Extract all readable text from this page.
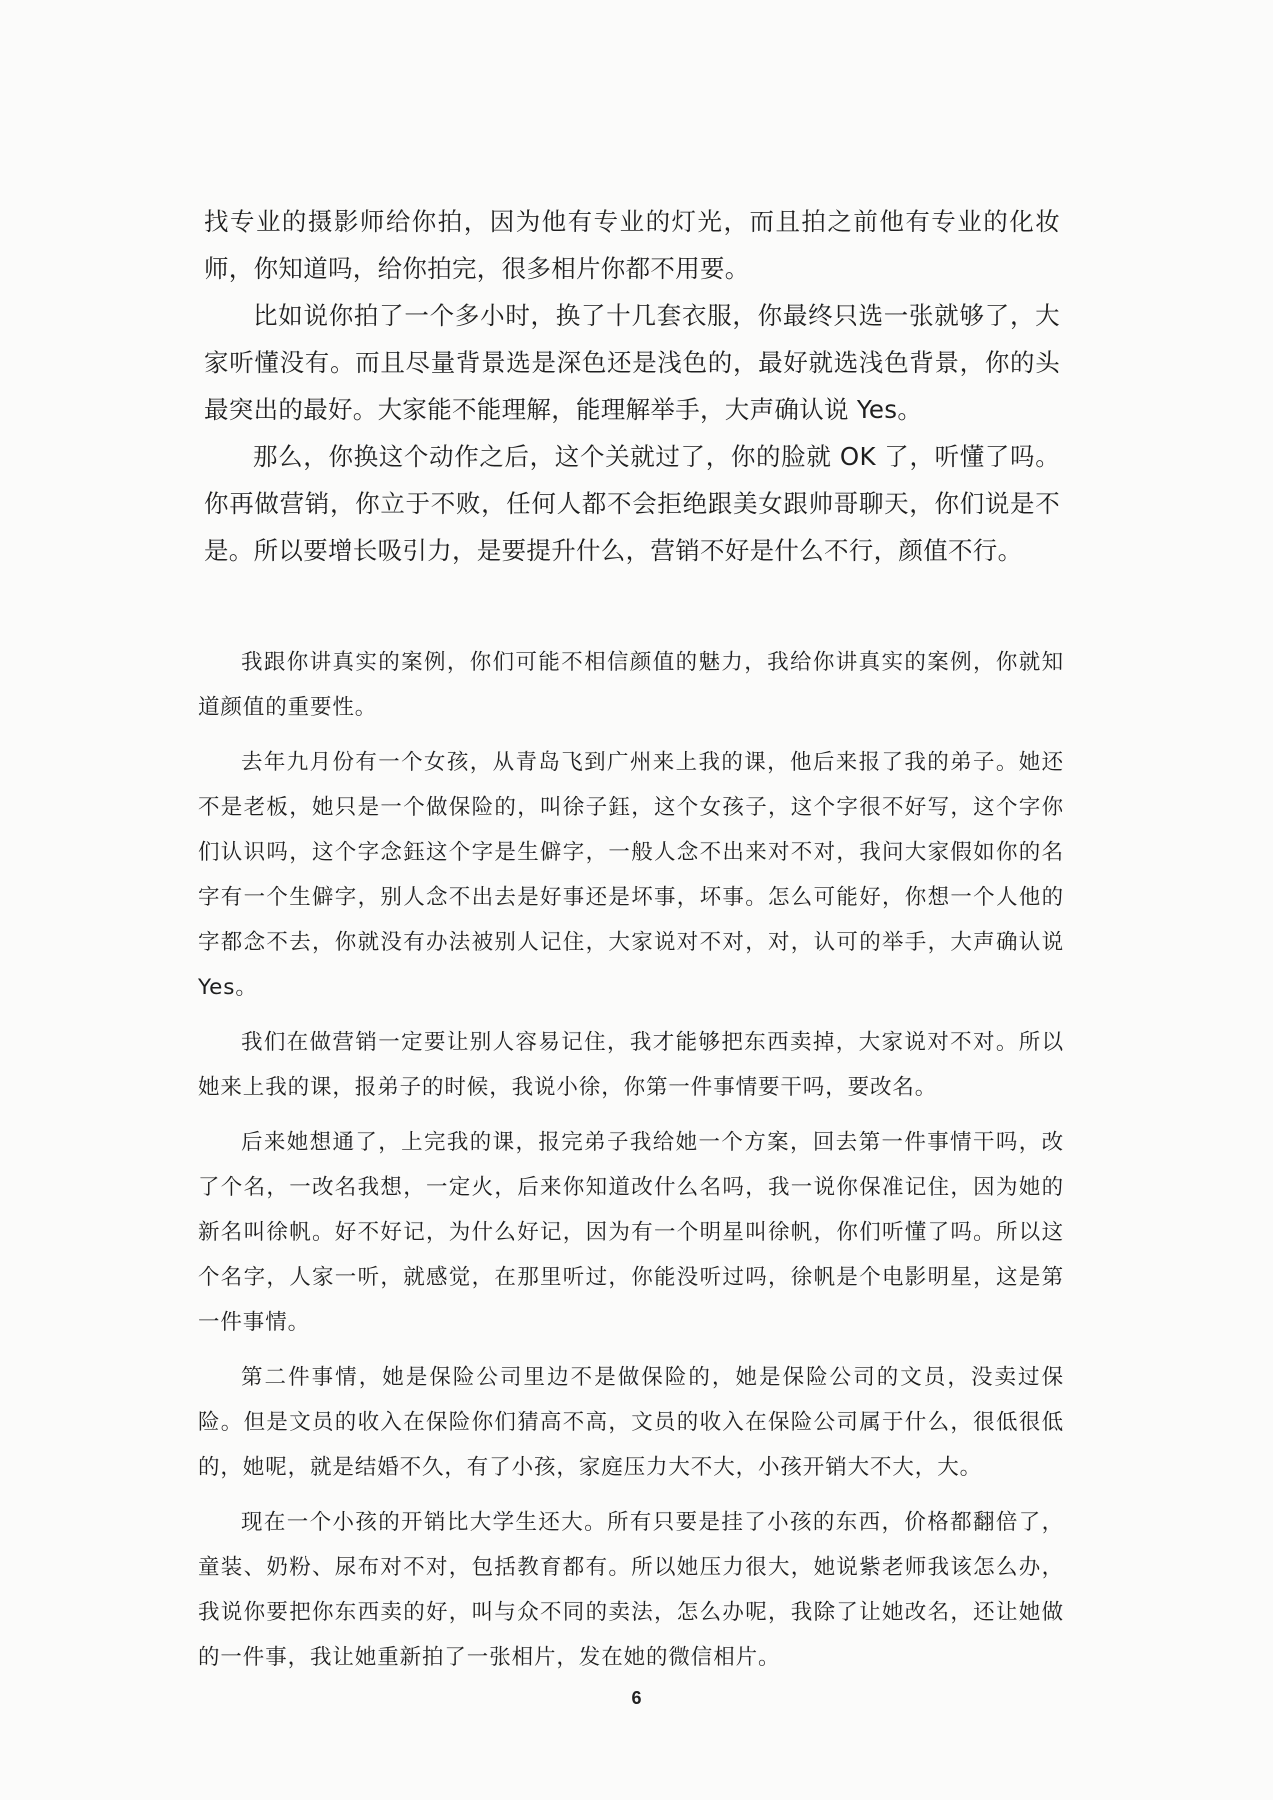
找专业的摄影师给你拍，因为他有专业的灯光，而且拍之前他有专业的化妆师，你知道吗，给你拍完，很多相片你都不用要。

比如说你拍了一个多小时，换了十几套衣服，你最终只选一张就够了，大家听懂没有。而且尽量背景选是深色还是浅色的，最好就选浅色背景，你的头最突出的最好。大家能不能理解，能理解举手，大声确认说 Yes。

那么，你换这个动作之后，这个关就过了，你的脸就 OK 了，听懂了吗。你再做营销，你立于不败，任何人都不会拒绝跟美女跟帅哥聊天，你们说是不是。所以要增长吸引力，是要提升什么，营销不好是什么不行，颜值不行。

我跟你讲真实的案例，你们可能不相信颜值的魅力，我给你讲真实的案例，你就知道颜值的重要性。

去年九月份有一个女孩，从青岛飞到广州来上我的课，他后来报了我的弟子。她还不是老板，她只是一个做保险的，叫徐子鈺，这个女孩子，这个字很不好写，这个字你们认识吗，这个字念鈺这个字是生僻字，一般人念不出来对不对，我问大家假如你的名字有一个生僻字，别人念不出去是好事还是坏事，坏事。怎么可能好，你想一个人他的字都念不去，你就没有办法被别人记住，大家说对不对，对，认可的举手，大声确认说 Yes。

我们在做营销一定要让别人容易记住，我才能够把东西卖掉，大家说对不对。所以她来上我的课，报弟子的时候，我说小徐，你第一件事情要干吗，要改名。

后来她想通了，上完我的课，报完弟子我给她一个方案，回去第一件事情干吗，改了个名，一改名我想，一定火，后来你知道改什么名吗，我一说你保准记住，因为她的新名叫徐帆。好不好记，为什么好记，因为有一个明星叫徐帆，你们听懂了吗。所以这个名字，人家一听，就感觉，在那里听过，你能没听过吗，徐帆是个电影明星，这是第一件事情。

第二件事情，她是保险公司里边不是做保险的，她是保险公司的文员，没卖过保险。但是文员的收入在保险你们猜高不高，文员的收入在保险公司属于什么，很低很低的，她呢，就是结婚不久，有了小孩，家庭压力大不大，小孩开销大不大，大。

现在一个小孩的开销比大学生还大。所有只要是挂了小孩的东西，价格都翻倍了，童装、奶粉、尿布对不对，包括教育都有。所以她压力很大，她说紫老师我该怎么办，我说你要把你东西卖的好，叫与众不同的卖法，怎么办呢，我除了让她改名，还让她做的一件事，我让她重新拍了一张相片，发在她的微信相片。

6
